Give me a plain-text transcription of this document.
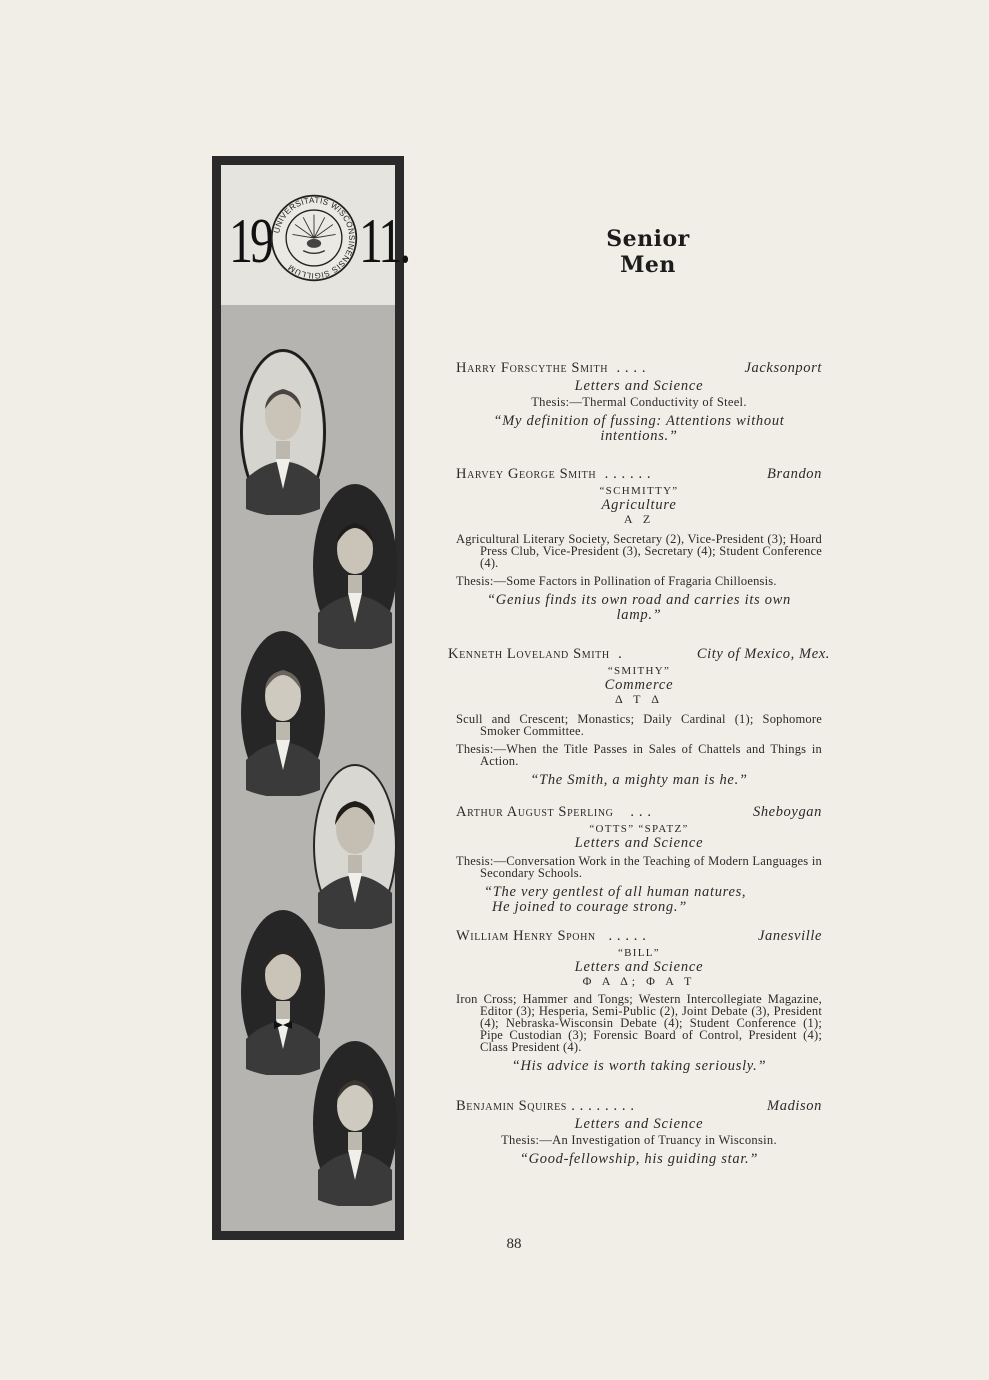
19 UNIVERSITATIS WISCONSINENSIS SIGILLUM 11.	Senior Men
Harry Forscythe Smith . . . .	Jacksonport
Letters and Science
Thesis:—Thermal Conductivity of Steel.
“My definition of fussing: Attentions without intentions.”
Harvey George Smith . . . . . .	Brandon
“SCHMITTY”
Agriculture
A Z
Agricultural Literary Society, Secretary (2), Vice-President (3); Hoard Press Club, Vice-President (3), Secretary (4); Student Conference (4).
Thesis:—Some Factors in Pollination of Fragaria Chilloensis.
“Genius finds its own road and carries its own lamp.”
Kenneth Loveland Smith .	City of Mexico, Mex.
“SMITHY”
Commerce
Δ T Δ
Scull and Crescent; Monastics; Daily Cardinal (1); Sophomore Smoker Committee.
Thesis:—When the Title Passes in Sales of Chattels and Things in Action.
“The Smith, a mighty man is he.”
Arthur August Sperling . . .	Sheboygan
“OTTS” “SPATZ”
Letters and Science
Thesis:—Conversation Work in the Teaching of Modern Languages in Secondary Schools.
“The very gentlest of all human natures,
He joined to courage strong.”
William Henry Spohn . . . . .	Janesville
“BILL”
Letters and Science
Φ Α Δ; Φ Α Τ
Iron Cross; Hammer and Tongs; Western Intercollegiate Magazine, Editor (3); Hesperia, Semi-Public (2), Joint Debate (3), President (4); Nebraska-Wisconsin Debate (4); Student Conference (1); Pipe Custodian (3); Forensic Board of Control, President (4); Class President (4).
“His advice is worth taking seriously.”
Benjamin Squires . . . . . . . .	Madison
Letters and Science
Thesis:—An Investigation of Truancy in Wisconsin.
“Good-fellowship, his guiding star.”
88
